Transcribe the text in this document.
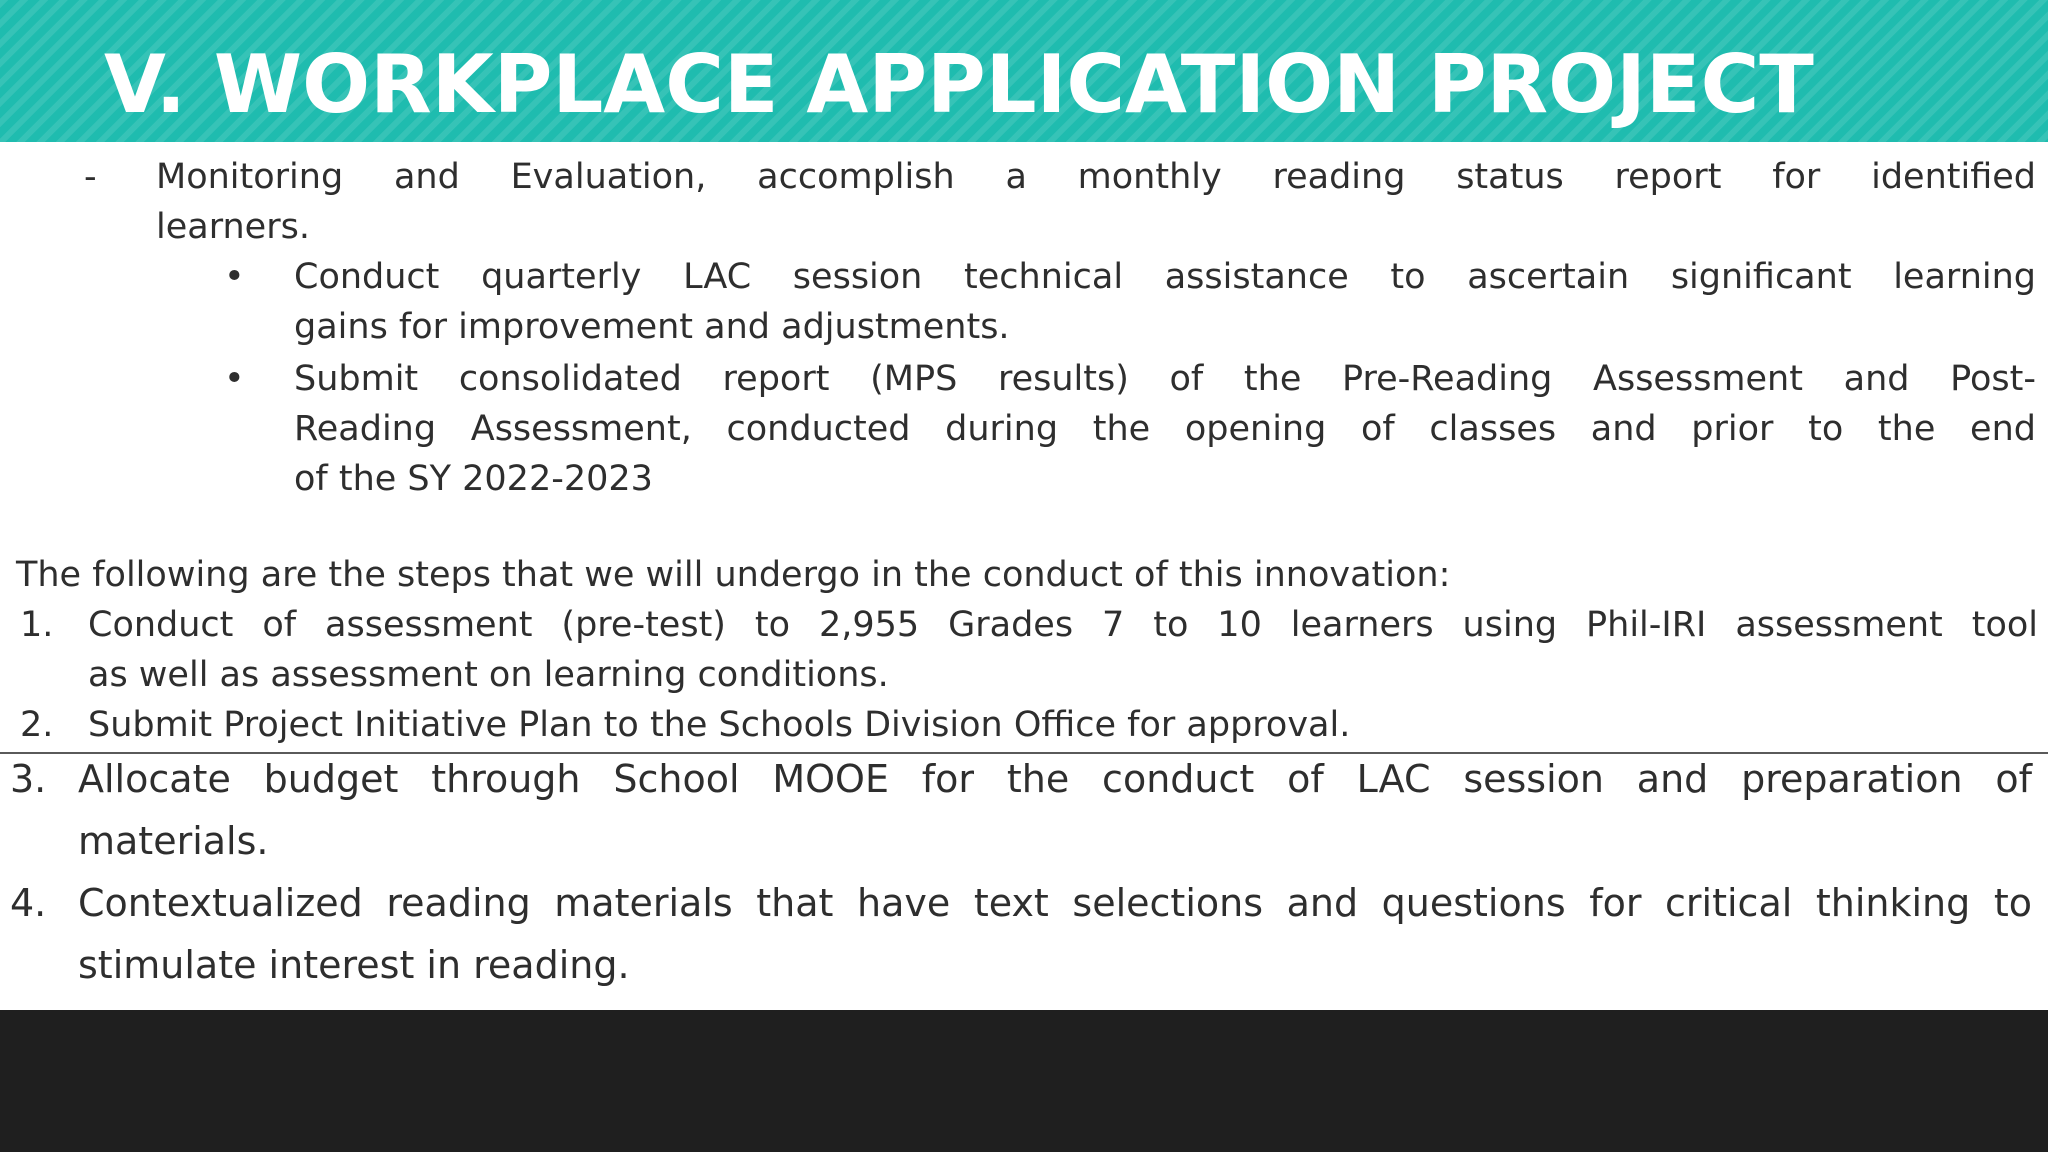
V. WORKPLACE APPLICATION PROJECT
- Monitoring and Evaluation, accomplish a monthly reading status report for identified
learners.
• Conduct quarterly LAC session technical assistance to ascertain significant learning
gains for improvement and adjustments.
• Submit consolidated report (MPS results) of the Pre-Reading Assessment and Post-
Reading Assessment, conducted during the opening of classes and prior to the end
of the SY 2022-2023
The following are the steps that we will undergo in the conduct of this innovation:
1. Conduct of assessment (pre-test) to 2,955 Grades 7 to 10 learners using Phil-IRI assessment tool
as well as assessment on learning conditions.
2. Submit Project Initiative Plan to the Schools Division Office for approval.
3. Allocate budget through School MOOE for the conduct of LAC session and preparation of
materials.
4. Contextualized reading materials that have text selections and questions for critical thinking to
stimulate interest in reading.
